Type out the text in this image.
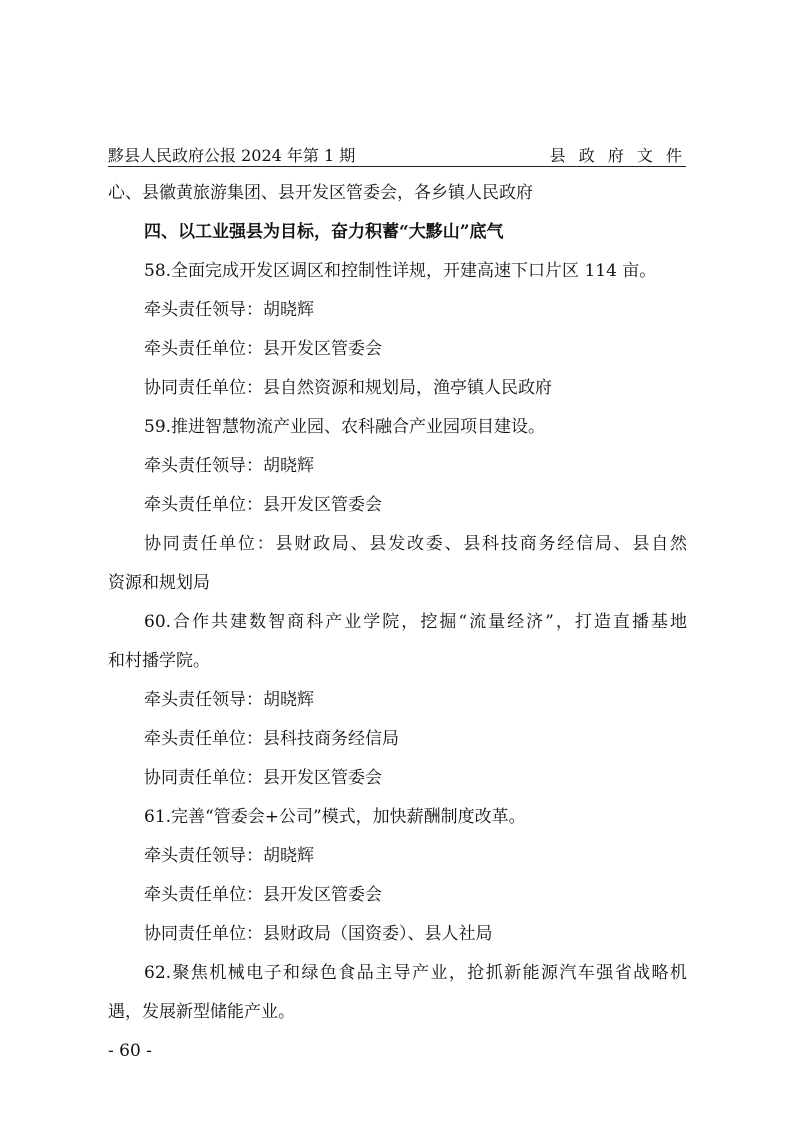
黟县人民政府公报 2024 年第 1 期	县 政 府 文 件
心、县徽黄旅游集团、县开发区管委会，各乡镇人民政府
四、以工业强县为目标，奋力积蓄“大黟山”底气
58.全面完成开发区调区和控制性详规，开建高速下口片区 114 亩。
牵头责任领导：胡晓辉
牵头责任单位：县开发区管委会
协同责任单位：县自然资源和规划局，渔亭镇人民政府
59.推进智慧物流产业园、农科融合产业园项目建设。
牵头责任领导：胡晓辉
牵头责任单位：县开发区管委会
协同责任单位：县财政局、县发改委、县科技商务经信局、县自然
资源和规划局
60.合作共建数智商科产业学院，挖掘“流量经济”，打造直播基地
和村播学院。
牵头责任领导：胡晓辉
牵头责任单位：县科技商务经信局
协同责任单位：县开发区管委会
61.完善“管委会+公司”模式，加快薪酬制度改革。
牵头责任领导：胡晓辉
牵头责任单位：县开发区管委会
协同责任单位：县财政局（国资委）、县人社局
62.聚焦机械电子和绿色食品主导产业，抢抓新能源汽车强省战略机
遇，发展新型储能产业。
- 60 -
